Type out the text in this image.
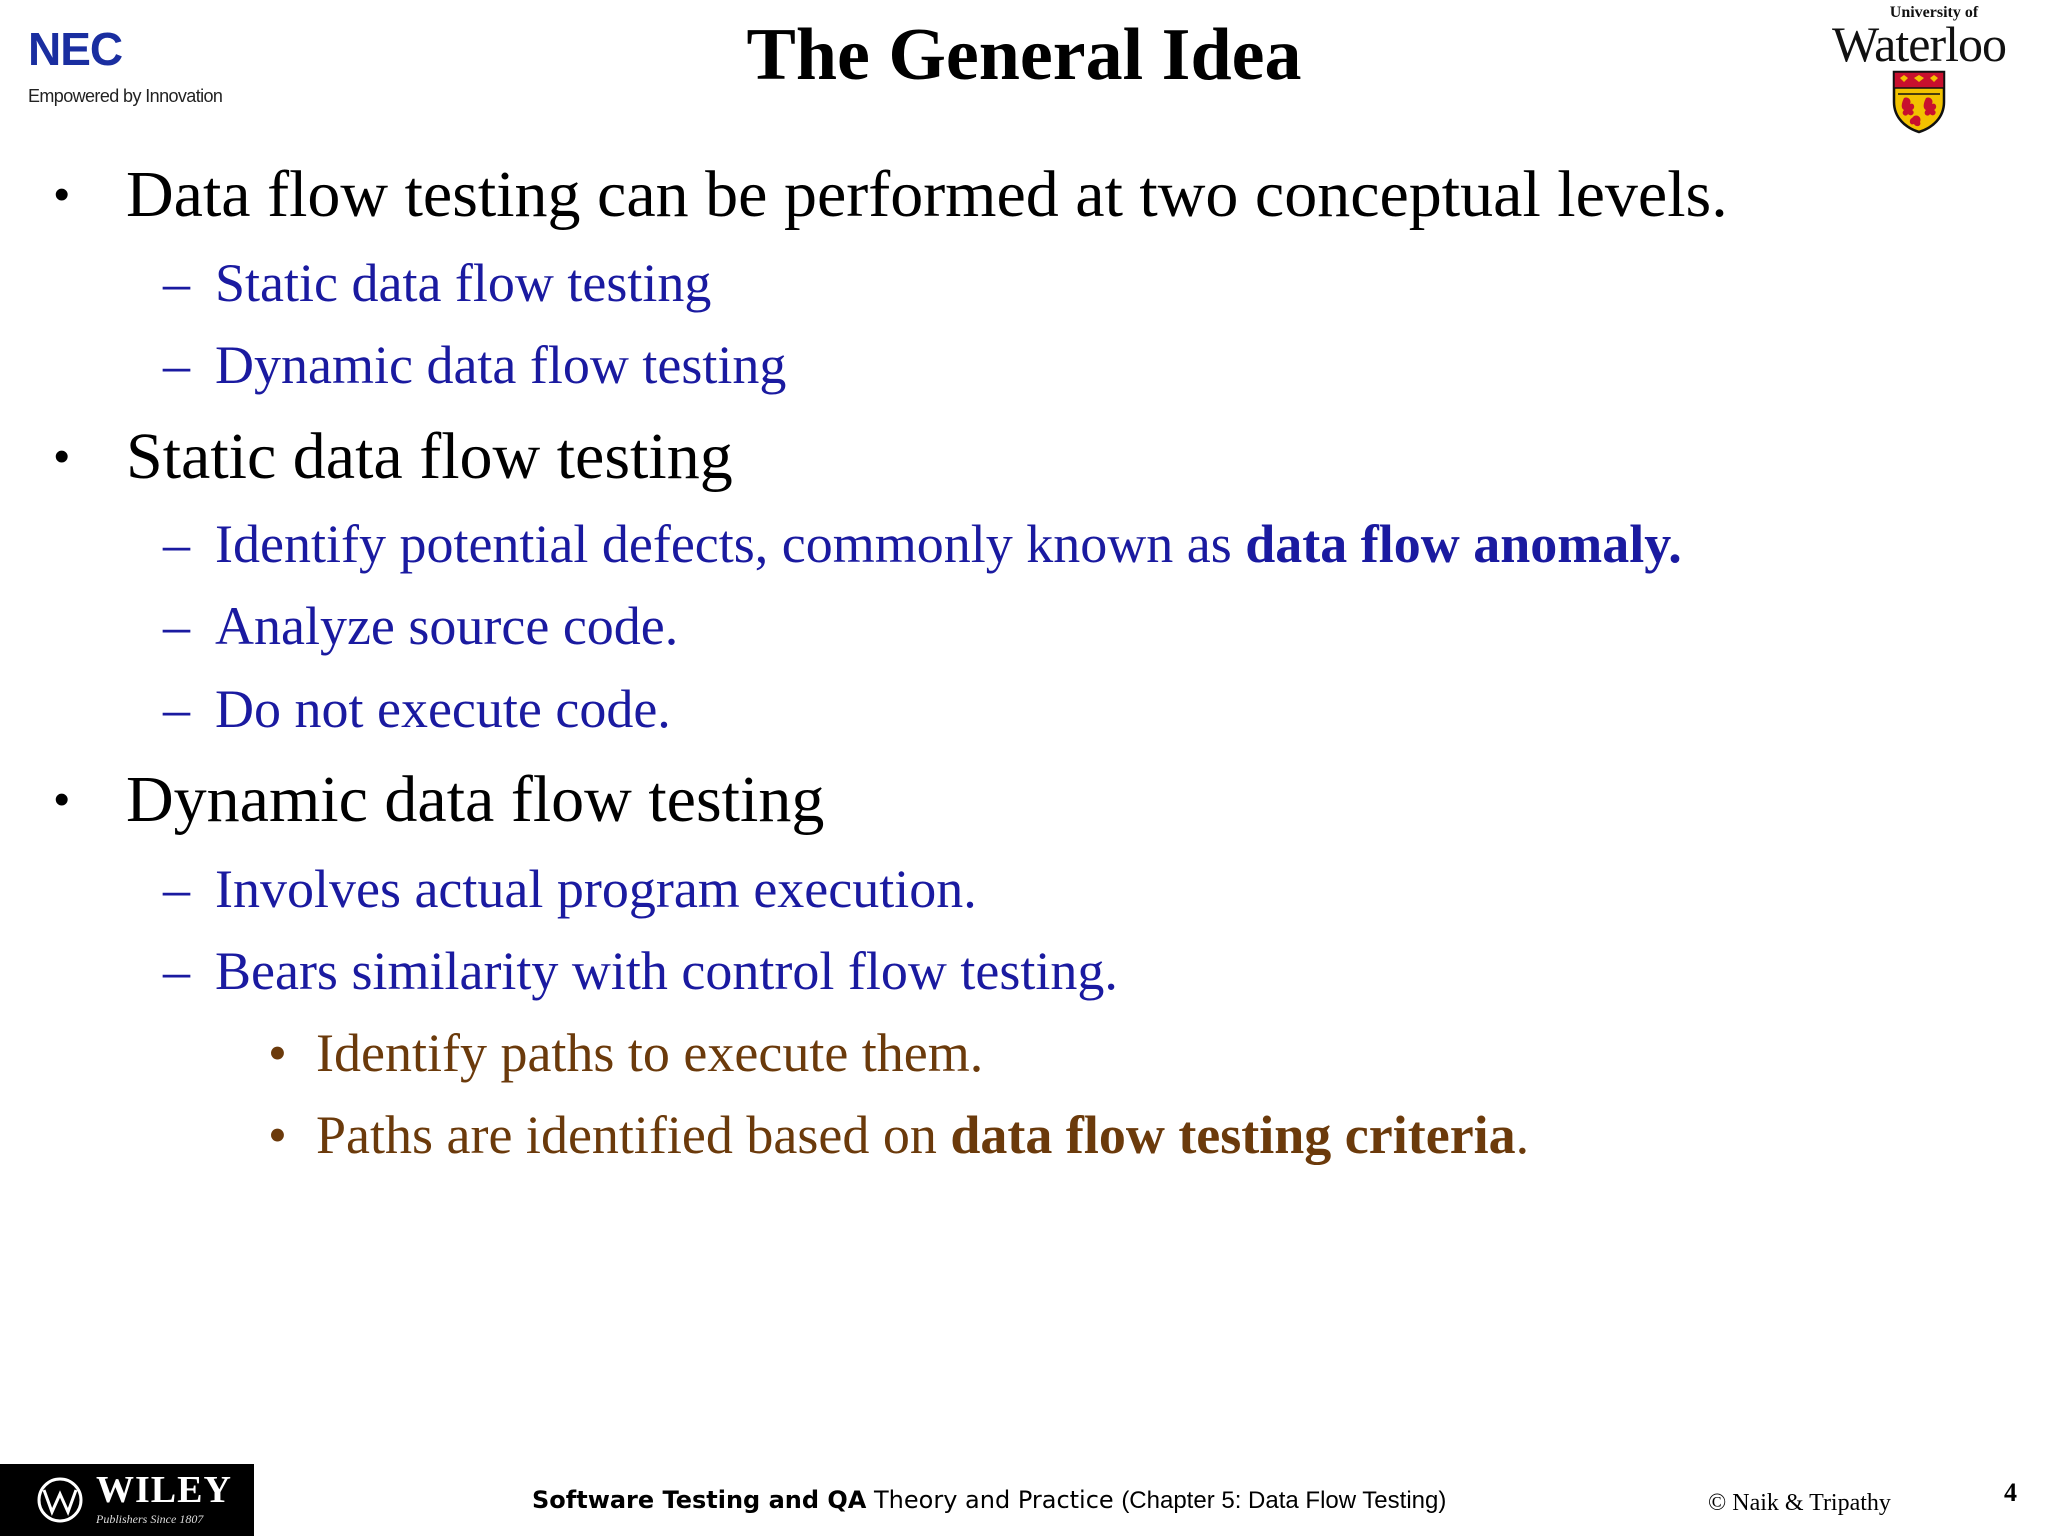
NEC
Empowered by Innovation	The General Idea
University of
Waterloo
• Data flow testing can be performed at two conceptual levels.
– Static data flow testing
– Dynamic data flow testing
• Static data flow testing
– Identify potential defects, commonly known as data flow anomaly.
– Analyze source code.
– Do not execute code.
• Dynamic data flow testing
– Involves actual program execution.
– Bears similarity with control flow testing.
• Identify paths to execute them.
• Paths are identified based on data flow testing criteria.
WILEY
Publishers Since 1807
Software Testing and QA Theory and Practice (Chapter 5: Data Flow Testing)	© Naik & Tripathy	4
